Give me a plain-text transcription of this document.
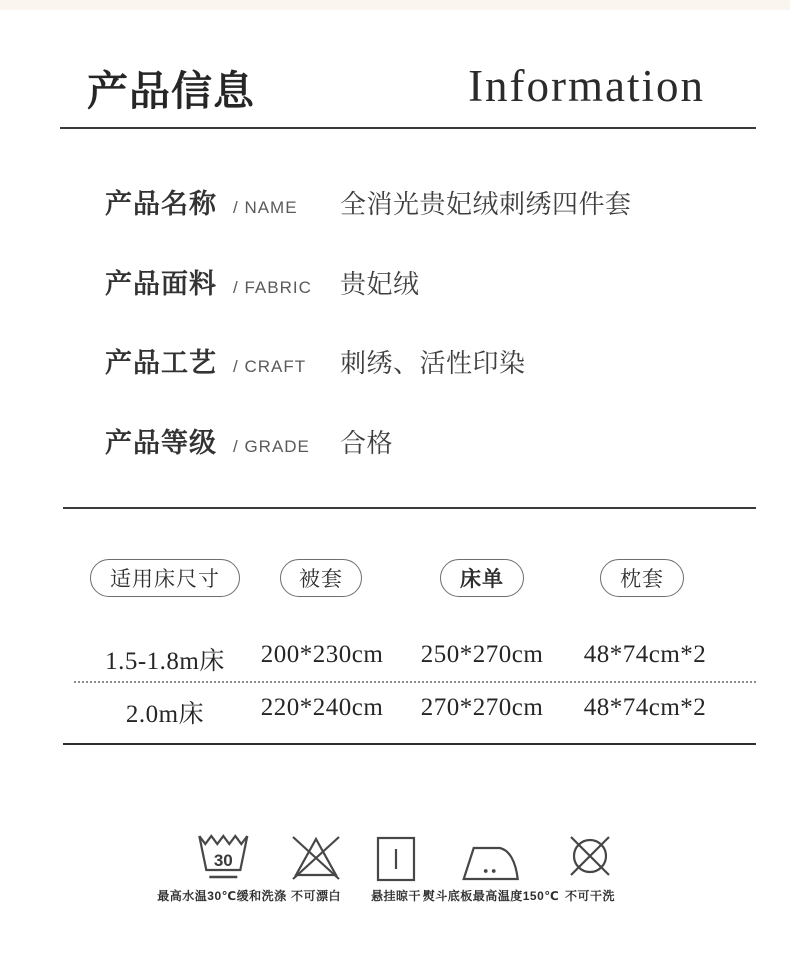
产品信息	Information
产品名称 / NAME	全消光贵妃绒刺绣四件套
产品面料 / FABRIC	贵妃绒
产品工艺 / CRAFT	刺绣、活性印染
产品等级 / GRADE	合格
适用床尺寸	被套	床单	枕套
1.5-1.8m床 200*230cm 250*270cm 48*74cm*2
2.0m床 220*240cm 270*270cm 48*74cm*2
30
最高水温30℃缓和洗涤 不可漂白 悬挂晾干 熨斗底板最高温度150℃ 不可干洗
